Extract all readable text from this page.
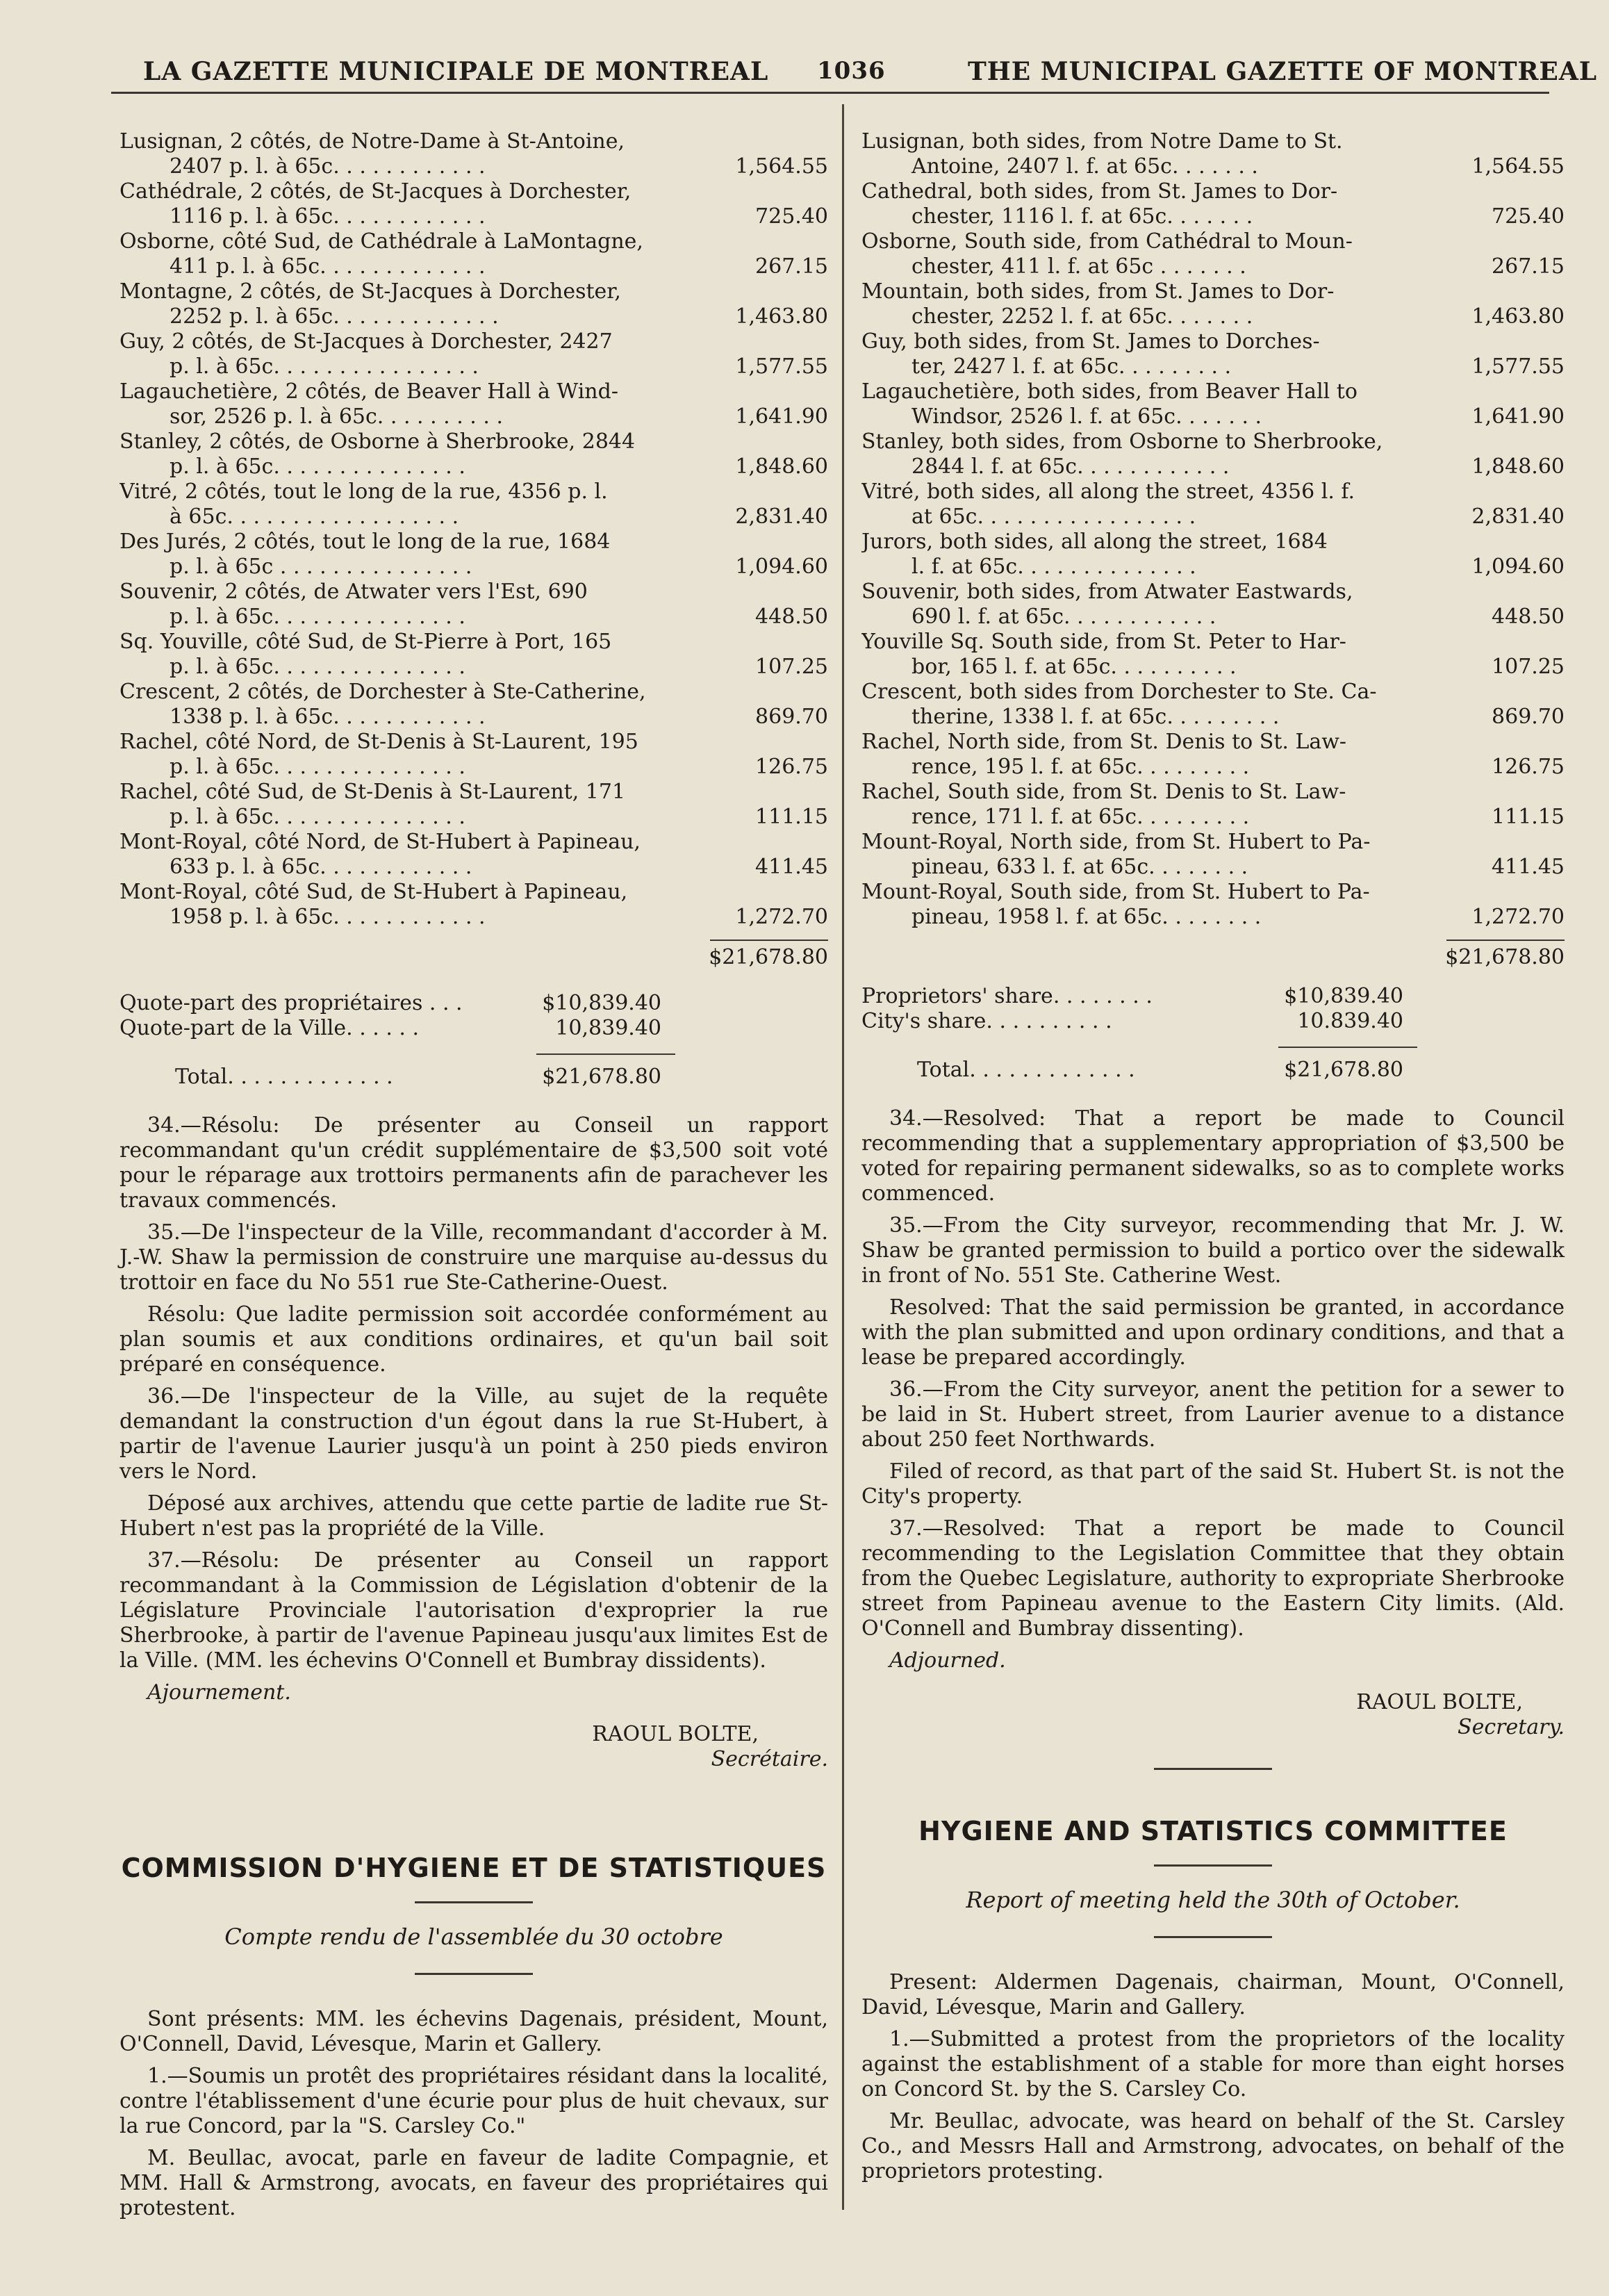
LA GAZETTE MUNICIPALE DE MONTREAL 1036	THE MUNICIPAL GAZETTE OF MONTREAL
Lusignan, 2 côtés, de Notre-Dame à St-Antoine,
2407 p. l. à 65c. . . . . . . . . . . .	1,564.55
Cathédrale, 2 côtés, de St-Jacques à Dorchester,
1116 p. l. à 65c. . . . . . . . . . . .	725.40
Osborne, côté Sud, de Cathédrale à LaMontagne,
411 p. l. à 65c. . . . . . . . . . . . .	267.15
Montagne, 2 côtés, de St-Jacques à Dorchester,
2252 p. l. à 65c. . . . . . . . . . . . .	1,463.80
Guy, 2 côtés, de St-Jacques à Dorchester, 2427
p. l. à 65c. . . . . . . . . . . . . . . .	1,577.55
Lagauchetière, 2 côtés, de Beaver Hall à Wind-
sor, 2526 p. l. à 65c. . . . . . . . . .	1,641.90
Stanley, 2 côtés, de Osborne à Sherbrooke, 2844
p. l. à 65c. . . . . . . . . . . . . . .	1,848.60
Vitré, 2 côtés, tout le long de la rue, 4356 p. l.
à 65c. . . . . . . . . . . . . . . . . .	2,831.40
Des Jurés, 2 côtés, tout le long de la rue, 1684
p. l. à 65c . . . . . . . . . . . . . . .	1,094.60
Souvenir, 2 côtés, de Atwater vers l'Est, 690
p. l. à 65c. . . . . . . . . . . . . . .	448.50
Sq. Youville, côté Sud, de St-Pierre à Port, 165
p. l. à 65c. . . . . . . . . . . . . . .	107.25
Crescent, 2 côtés, de Dorchester à Ste-Catherine,
1338 p. l. à 65c. . . . . . . . . . . .	869.70
Rachel, côté Nord, de St-Denis à St-Laurent, 195
p. l. à 65c. . . . . . . . . . . . . . .	126.75
Rachel, côté Sud, de St-Denis à St-Laurent, 171
p. l. à 65c. . . . . . . . . . . . . . .	111.15
Mont-Royal, côté Nord, de St-Hubert à Papineau,
633 p. l. à 65c. . . . . . . . . . . .	411.45
Mont-Royal, côté Sud, de St-Hubert à Papineau,
1958 p. l. à 65c. . . . . . . . . . . .	1,272.70
$21,678.80
Quote-part des propriétaires . . .	$10,839.40
Quote-part de la Ville. . . . . .	10,839.40
Total. . . . . . . . . . . . .	$21,678.80

34.—Résolu: De présenter au Conseil un rapport recommandant qu'un crédit supplémentaire de $3,500 soit voté pour le réparage aux trottoirs permanents afin de parachever les travaux commencés.

35.—De l'inspecteur de la Ville, recommandant d'accorder à M. J.-W. Shaw la permission de construire une marquise au-dessus du trottoir en face du No 551 rue Ste-Catherine-Ouest.

Résolu: Que ladite permission soit accordée conformément au plan soumis et aux conditions ordinaires, et qu'un bail soit préparé en conséquence.

36.—De l'inspecteur de la Ville, au sujet de la requête demandant la construction d'un égout dans la rue St-Hubert, à partir de l'avenue Laurier jusqu'à un point à 250 pieds environ vers le Nord.

Déposé aux archives, attendu que cette partie de ladite rue St-Hubert n'est pas la propriété de la Ville.

37.—Résolu: De présenter au Conseil un rapport recommandant à la Commission de Législation d'obtenir de la Législature Provinciale l'autorisation d'exproprier la rue Sherbrooke, à partir de l'avenue Papineau jusqu'aux limites Est de la Ville. (MM. les échevins O'Connell et Bumbray dissidents).

Ajournement.
RAOUL BOLTE,
Secrétaire.
COMMISSION D'HYGIENE ET DE STATISTIQUES
Compte rendu de l'assemblée du 30 octobre

Sont présents: MM. les échevins Dagenais, président, Mount, O'Connell, David, Lévesque, Marin et Gallery.

1.—Soumis un protêt des propriétaires résidant dans la localité, contre l'établissement d'une écurie pour plus de huit chevaux, sur la rue Concord, par la "S. Carsley Co."

M. Beullac, avocat, parle en faveur de ladite Compagnie, et MM. Hall & Armstrong, avocats, en faveur des propriétaires qui protestent.

Lusignan, both sides, from Notre Dame to St.
Antoine, 2407 l. f. at 65c. . . . . . .	1,564.55
Cathedral, both sides, from St. James to Dor-
chester, 1116 l. f. at 65c. . . . . . .	725.40
Osborne, South side, from Cathédral to Moun-
chester, 411 l. f. at 65c . . . . . . .	267.15
Mountain, both sides, from St. James to Dor-
chester, 2252 l. f. at 65c. . . . . . .	1,463.80
Guy, both sides, from St. James to Dorches-
ter, 2427 l. f. at 65c. . . . . . . . .	1,577.55
Lagauchetière, both sides, from Beaver Hall to
Windsor, 2526 l. f. at 65c. . . . . . .	1,641.90
Stanley, both sides, from Osborne to Sherbrooke,
2844 l. f. at 65c. . . . . . . . . . . .	1,848.60
Vitré, both sides, all along the street, 4356 l. f.
at 65c. . . . . . . . . . . . . . . . .	2,831.40
Jurors, both sides, all along the street, 1684
l. f. at 65c. . . . . . . . . . . . . .	1,094.60
Souvenir, both sides, from Atwater Eastwards,
690 l. f. at 65c. . . . . . . . . . . .	448.50
Youville Sq. South side, from St. Peter to Har-
bor, 165 l. f. at 65c. . . . . . . . . .	107.25
Crescent, both sides from Dorchester to Ste. Ca-
therine, 1338 l. f. at 65c. . . . . . . . .	869.70
Rachel, North side, from St. Denis to St. Law-
rence, 195 l. f. at 65c. . . . . . . . .	126.75
Rachel, South side, from St. Denis to St. Law-
rence, 171 l. f. at 65c. . . . . . . . .	111.15
Mount-Royal, North side, from St. Hubert to Pa-
pineau, 633 l. f. at 65c. . . . . . . .	411.45
Mount-Royal, South side, from St. Hubert to Pa-
pineau, 1958 l. f. at 65c. . . . . . . .	1,272.70
$21,678.80
Proprietors' share. . . . . . . .	$10,839.40
City's share. . . . . . . . . .	10.839.40
Total. . . . . . . . . . . . .	$21,678.80

34.—Resolved: That a report be made to Council recommending that a supplementary appropriation of $3,500 be voted for repairing permanent sidewalks, so as to complete works commenced.

35.—From the City surveyor, recommending that Mr. J. W. Shaw be granted permission to build a portico over the sidewalk in front of No. 551 Ste. Catherine West.

Resolved: That the said permission be granted, in accordance with the plan submitted and upon ordinary conditions, and that a lease be prepared accordingly.

36.—From the City surveyor, anent the petition for a sewer to be laid in St. Hubert street, from Laurier avenue to a distance about 250 feet Northwards.

Filed of record, as that part of the said St. Hubert St. is not the City's property.

37.—Resolved: That a report be made to Council recommending to the Legislation Committee that they obtain from the Quebec Legislature, authority to expropriate Sherbrooke street from Papineau avenue to the Eastern City limits. (Ald. O'Connell and Bumbray dissenting).

Adjourned.
RAOUL BOLTE,
Secretary.
HYGIENE AND STATISTICS COMMITTEE
Report of meeting held the 30th of October.

Present: Aldermen Dagenais, chairman, Mount, O'Connell, David, Lévesque, Marin and Gallery.

1.—Submitted a protest from the proprietors of the locality against the establishment of a stable for more than eight horses on Concord St. by the S. Carsley Co.

Mr. Beullac, advocate, was heard on behalf of the St. Carsley Co., and Messrs Hall and Armstrong, advocates, on behalf of the proprietors protesting.
